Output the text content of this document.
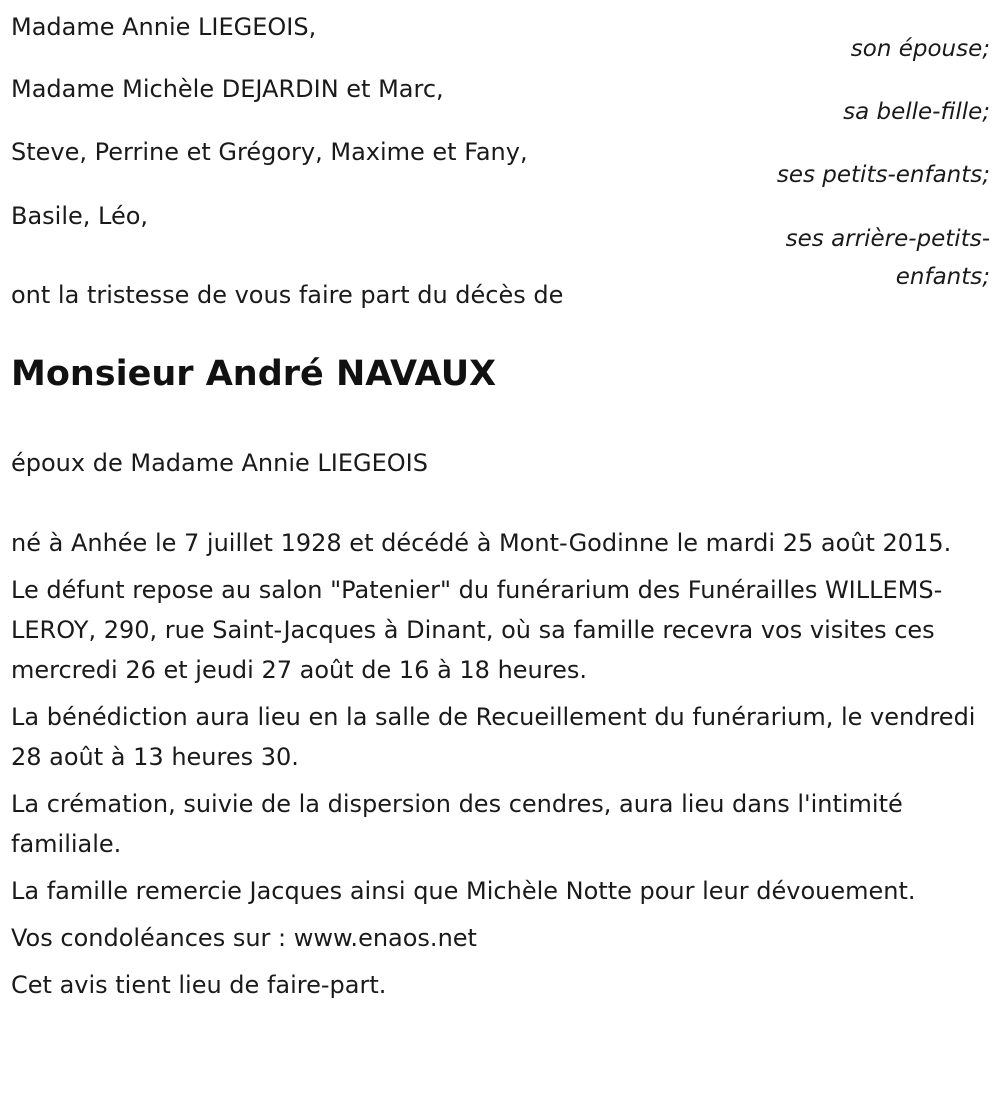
Madame Annie LIEGEOIS,
son épouse;
Madame Michèle DEJARDIN et Marc,
sa belle-fille;
Steve, Perrine et Grégory, Maxime et Fany,
ses petits-enfants;
Basile, Léo,
ses arrière-petits-enfants;
ont la tristesse de vous faire part du décès de
Monsieur André NAVAUX
époux de Madame Annie LIEGEOIS

né à Anhée le 7 juillet 1928 et décédé à Mont-Godinne le mardi 25 août 2015.

Le défunt repose au salon "Patenier" du funérarium des Funérailles WILLEMS-LEROY, 290, rue Saint-Jacques à Dinant, où sa famille recevra vos visites ces mercredi 26 et jeudi 27 août de 16 à 18 heures.

La bénédiction aura lieu en la salle de Recueillement du funérarium, le vendredi 28 août à 13 heures 30.

La crémation, suivie de la dispersion des cendres, aura lieu dans l'intimité familiale.

La famille remercie Jacques ainsi que Michèle Notte pour leur dévouement.

Vos condoléances sur : www.enaos.net

Cet avis tient lieu de faire-part.
